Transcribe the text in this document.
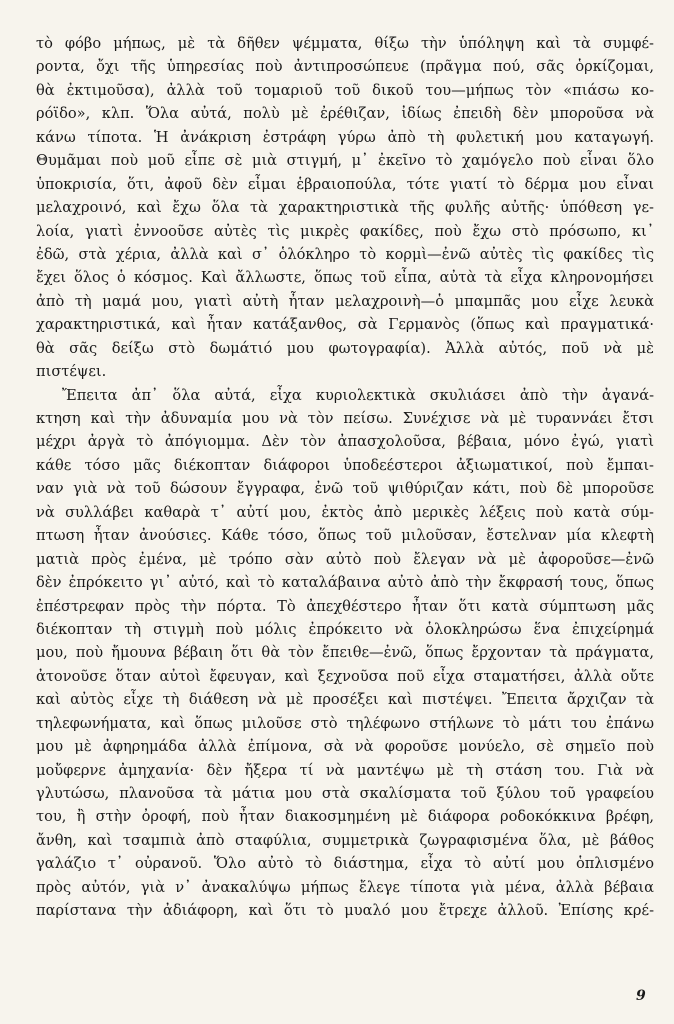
τὸ φόβο μήπως, μὲ τὰ δῆθεν ψέμματα, θίξω τὴν ὑπόληψη καὶ τὰ συμφέ-
ροντα, ὄχι τῆς ὑπηρεσίας ποὺ ἀντιπροσώπευε (πρᾶγμα πού, σᾶς ὁρκίζομαι,
θὰ ἐκτιμοῦσα), ἀλλὰ τοῦ τομαριοῦ τοῦ δικοῦ του—μήπως τὸν «πιάσω κο-
ρόϊδο», κλπ. Ὅλα αὐτά, πολὺ μὲ ἐρέθιζαν, ἰδίως ἐπειδὴ δὲν μποροῦσα νὰ
κάνω τίποτα. Ἡ ἀνάκριση ἐστράφη γύρω ἀπὸ τὴ φυλετική μου καταγωγή.
Θυμᾶμαι ποὺ μοῦ εἶπε σὲ μιὰ στιγμή, μ᾽ ἐκεῖνο τὸ χαμόγελο ποὺ εἶναι ὅλο
ὑποκρισία, ὅτι, ἀφοῦ δὲν εἶμαι ἑβραιοπούλα, τότε γιατί τὸ δέρμα μου εἶναι
μελαχροινό, καὶ ἔχω ὅλα τὰ χαρακτηριστικὰ τῆς φυλῆς αὐτῆς· ὑπόθεση γε-
λοία, γιατὶ ἐννοοῦσε αὐτὲς τὶς μικρὲς φακίδες, ποὺ ἔχω στὸ πρόσωπο, κι᾽
ἐδῶ, στὰ χέρια, ἀλλὰ καὶ σ᾽ ὁλόκληρο τὸ κορμὶ—ἐνῶ αὐτὲς τὶς φακίδες τὶς
ἔχει ὅλος ὁ κόσμος. Καὶ ἄλλωστε, ὅπως τοῦ εἶπα, αὐτὰ τὰ εἶχα κληρονομήσει
ἀπὸ τὴ μαμά μου, γιατὶ αὐτὴ ἦταν μελαχροινὴ—ὁ μπαμπᾶς μου εἶχε λευκὰ
χαρακτηριστικά, καὶ ἦταν κατάξανθος, σὰ Γερμανὸς (ὅπως καὶ πραγματικά·
θὰ σᾶς δείξω στὸ δωμάτιό μου φωτογραφία). Ἀλλὰ αὐτός, ποῦ νὰ μὲ
πιστέψει.
Ἔπειτα ἀπ᾽ ὅλα αὐτά, εἶχα κυριολεκτικὰ σκυλιάσει ἀπὸ τὴν ἀγανά-
κτηση καὶ τὴν ἀδυναμία μου νὰ τὸν πείσω. Συνέχισε νὰ μὲ τυραννάει ἔτσι
μέχρι ἀργὰ τὸ ἀπόγιομμα. Δὲν τὸν ἀπασχολοῦσα, βέβαια, μόνο ἐγώ, γιατὶ
κάθε τόσο μᾶς διέκοπταν διάφοροι ὑποδεέστεροι ἀξιωματικοί, ποὺ ἔμπαι-
ναν γιὰ νὰ τοῦ δώσουν ἔγγραφα, ἐνῶ τοῦ ψιθύριζαν κάτι, ποὺ δὲ μποροῦσε
νὰ συλλάβει καθαρὰ τ᾽ αὐτί μου, ἐκτὸς ἀπὸ μερικὲς λέξεις ποὺ κατὰ σύμ-
πτωση ἦταν ἀνούσιες. Κάθε τόσο, ὅπως τοῦ μιλοῦσαν, ἔστελναν μία κλεφτὴ
ματιὰ πρὸς ἐμένα, μὲ τρόπο σὰν αὐτὸ ποὺ ἔλεγαν νὰ μὲ ἀφοροῦσε—ἐνῶ
δὲν ἐπρόκειτο γι᾽ αὐτό, καὶ τὸ καταλάβαινα αὐτὸ ἀπὸ τὴν ἔκφρασή τους, ὅπως
ἐπέστρεφαν πρὸς τὴν πόρτα. Τὸ ἀπεχθέστερο ἦταν ὅτι κατὰ σύμπτωση μᾶς
διέκοπταν τὴ στιγμὴ ποὺ μόλις ἐπρόκειτο νὰ ὁλοκληρώσω ἕνα ἐπιχείρημά
μου, ποὺ ἤμουνα βέβαιη ὅτι θὰ τὸν ἔπειθε—ἐνῶ, ὅπως ἔρχονταν τὰ πράγματα,
ἀτονοῦσε ὅταν αὐτοὶ ἔφευγαν, καὶ ξεχνοῦσα ποῦ εἶχα σταματήσει, ἀλλὰ οὔτε
καὶ αὐτὸς εἶχε τὴ διάθεση νὰ μὲ προσέξει καὶ πιστέψει. Ἔπειτα ἄρχιζαν τὰ
τηλεφωνήματα, καὶ ὅπως μιλοῦσε στὸ τηλέφωνο στήλωνε τὸ μάτι του ἐπάνω
μου μὲ ἀφηρημάδα ἀλλὰ ἐπίμονα, σὰ νὰ φοροῦσε μονύελο, σὲ σημεῖο ποὺ
μοὔφερνε ἀμηχανία· δὲν ἤξερα τί νὰ μαντέψω μὲ τὴ στάση του. Γιὰ νὰ
γλυτώσω, πλανοῦσα τὰ μάτια μου στὰ σκαλίσματα τοῦ ξύλου τοῦ γραφείου
του, ἢ στὴν ὀροφή, ποὺ ἦταν διακοσμημένη μὲ διάφορα ροδοκόκκινα βρέφη,
ἄνθη, καὶ τσαμπιὰ ἀπὸ σταφύλια, συμμετρικὰ ζωγραφισμένα ὅλα, μὲ βάθος
γαλάζιο τ᾽ οὐρανοῦ. Ὅλο αὐτὸ τὸ διάστημα, εἶχα τὸ αὐτί μου ὁπλισμένο
πρὸς αὐτόν, γιὰ ν᾽ ἀνακαλύψω μήπως ἔλεγε τίποτα γιὰ μένα, ἀλλὰ βέβαια
παρίστανα τὴν ἀδιάφορη, καὶ ὅτι τὸ μυαλό μου ἔτρεχε ἀλλοῦ. Ἐπίσης κρέ-
9
